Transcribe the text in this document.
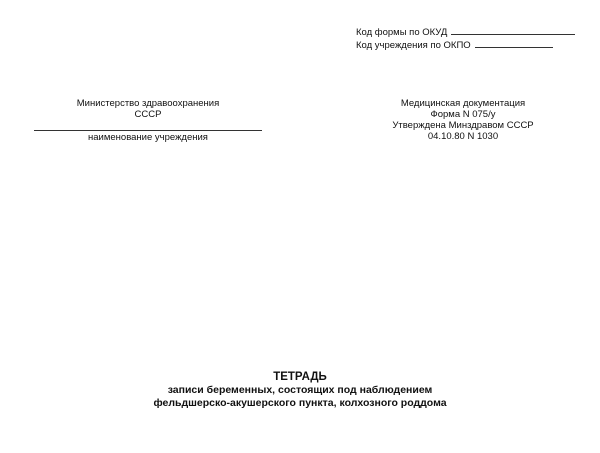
Код формы по ОКУД
Код учреждения по ОКПО
Министерство здравоохранения
СССР
наименование учреждения
Медицинская документация
Форма N 075/у
Утверждена Минздравом СССР
04.10.80 N 1030
ТЕТРАДЬ
записи беременных, состоящих под наблюдением
фельдшерско-акушерского пункта, колхозного роддома
